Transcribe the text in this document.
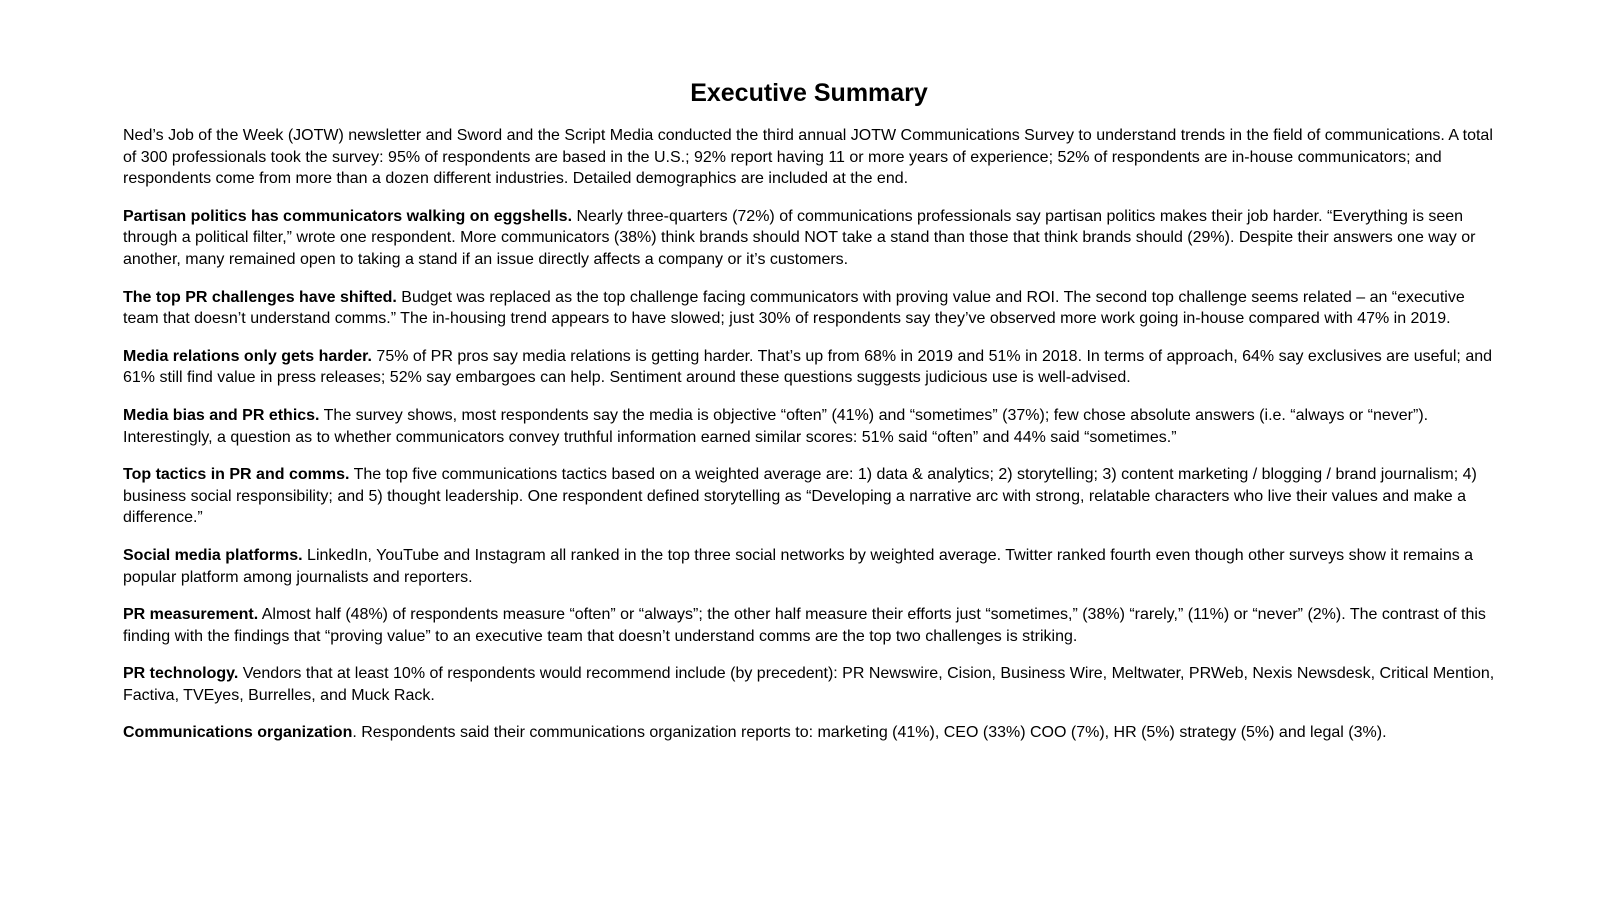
Executive Summary

Ned’s Job of the Week (JOTW) newsletter and Sword and the Script Media conducted the third annual JOTW Communications Survey to understand trends in the field of communications. A total of 300 professionals took the survey: 95% of respondents are based in the U.S.; 92% report having 11 or more years of experience; 52% of respondents are in-house communicators; and respondents come from more than a dozen different industries. Detailed demographics are included at the end.

Partisan politics has communicators walking on eggshells. Nearly three-quarters (72%) of communications professionals say partisan politics makes their job harder. “Everything is seen through a political filter,” wrote one respondent. More communicators (38%) think brands should NOT take a stand than those that think brands should (29%). Despite their answers one way or another, many remained open to taking a stand if an issue directly affects a company or it’s customers.

The top PR challenges have shifted. Budget was replaced as the top challenge facing communicators with proving value and ROI. The second top challenge seems related – an “executive team that doesn’t understand comms.” The in-housing trend appears to have slowed; just 30% of respondents say they’ve observed more work going in-house compared with 47% in 2019.

Media relations only gets harder. 75% of PR pros say media relations is getting harder. That’s up from 68% in 2019 and 51% in 2018. In terms of approach, 64% say exclusives are useful; and 61% still find value in press releases; 52% say embargoes can help. Sentiment around these questions suggests judicious use is well-advised.

Media bias and PR ethics. The survey shows, most respondents say the media is objective “often” (41%) and “sometimes” (37%); few chose absolute answers (i.e. “always or “never”). Interestingly, a question as to whether communicators convey truthful information earned similar scores: 51% said “often” and 44% said “sometimes.”

Top tactics in PR and comms. The top five communications tactics based on a weighted average are: 1) data & analytics; 2) storytelling; 3) content marketing / blogging / brand journalism; 4) business social responsibility; and 5) thought leadership. One respondent defined storytelling as “Developing a narrative arc with strong, relatable characters who live their values and make a difference.”

Social media platforms. LinkedIn, YouTube and Instagram all ranked in the top three social networks by weighted average. Twitter ranked fourth even though other surveys show it remains a popular platform among journalists and reporters.

PR measurement. Almost half (48%) of respondents measure “often” or “always”; the other half measure their efforts just “sometimes,” (38%) “rarely,” (11%) or “never” (2%). The contrast of this finding with the findings that “proving value” to an executive team that doesn’t understand comms are the top two challenges is striking.

PR technology. Vendors that at least 10% of respondents would recommend include (by precedent): PR Newswire, Cision, Business Wire, Meltwater, PRWeb, Nexis Newsdesk, Critical Mention, Factiva, TVEyes, Burrelles, and Muck Rack.

Communications organization. Respondents said their communications organization reports to: marketing (41%), CEO (33%) COO (7%), HR (5%) strategy (5%) and legal (3%).
